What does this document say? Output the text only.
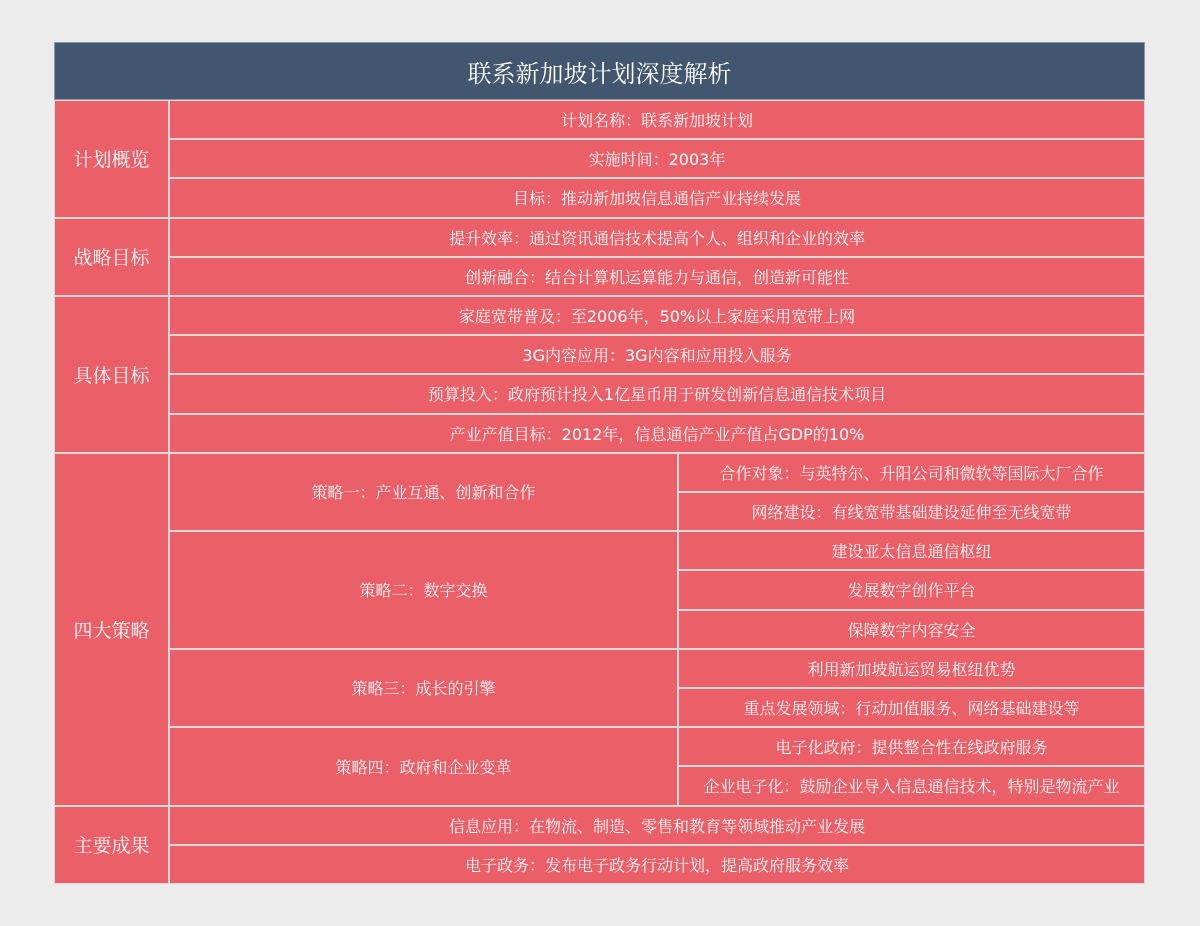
联系新加坡计划深度解析
计划概览
计划名称：联系新加坡计划
实施时间：2003年
目标：推动新加坡信息通信产业持续发展
战略目标
提升效率：通过资讯通信技术提高个人、组织和企业的效率
创新融合：结合计算机运算能力与通信，创造新可能性
具体目标
家庭宽带普及：至2006年，50%以上家庭采用宽带上网
3G内容应用：3G内容和应用投入服务
预算投入：政府预计投入1亿星币用于研发创新信息通信技术项目
产业产值目标：2012年，信息通信产业产值占GDP的10%
四大策略
策略一：产业互通、创新和合作
合作对象：与英特尔、升阳公司和微软等国际大厂合作
网络建设：有线宽带基础建设延伸至无线宽带
策略二：数字交换
建设亚太信息通信枢纽
发展数字创作平台
保障数字内容安全
策略三：成长的引擎
利用新加坡航运贸易枢纽优势
重点发展领域：行动加值服务、网络基础建设等
策略四：政府和企业变革
电子化政府：提供整合性在线政府服务
企业电子化：鼓励企业导入信息通信技术，特别是物流产业
主要成果
信息应用：在物流、制造、零售和教育等领域推动产业发展
电子政务：发布电子政务行动计划，提高政府服务效率
